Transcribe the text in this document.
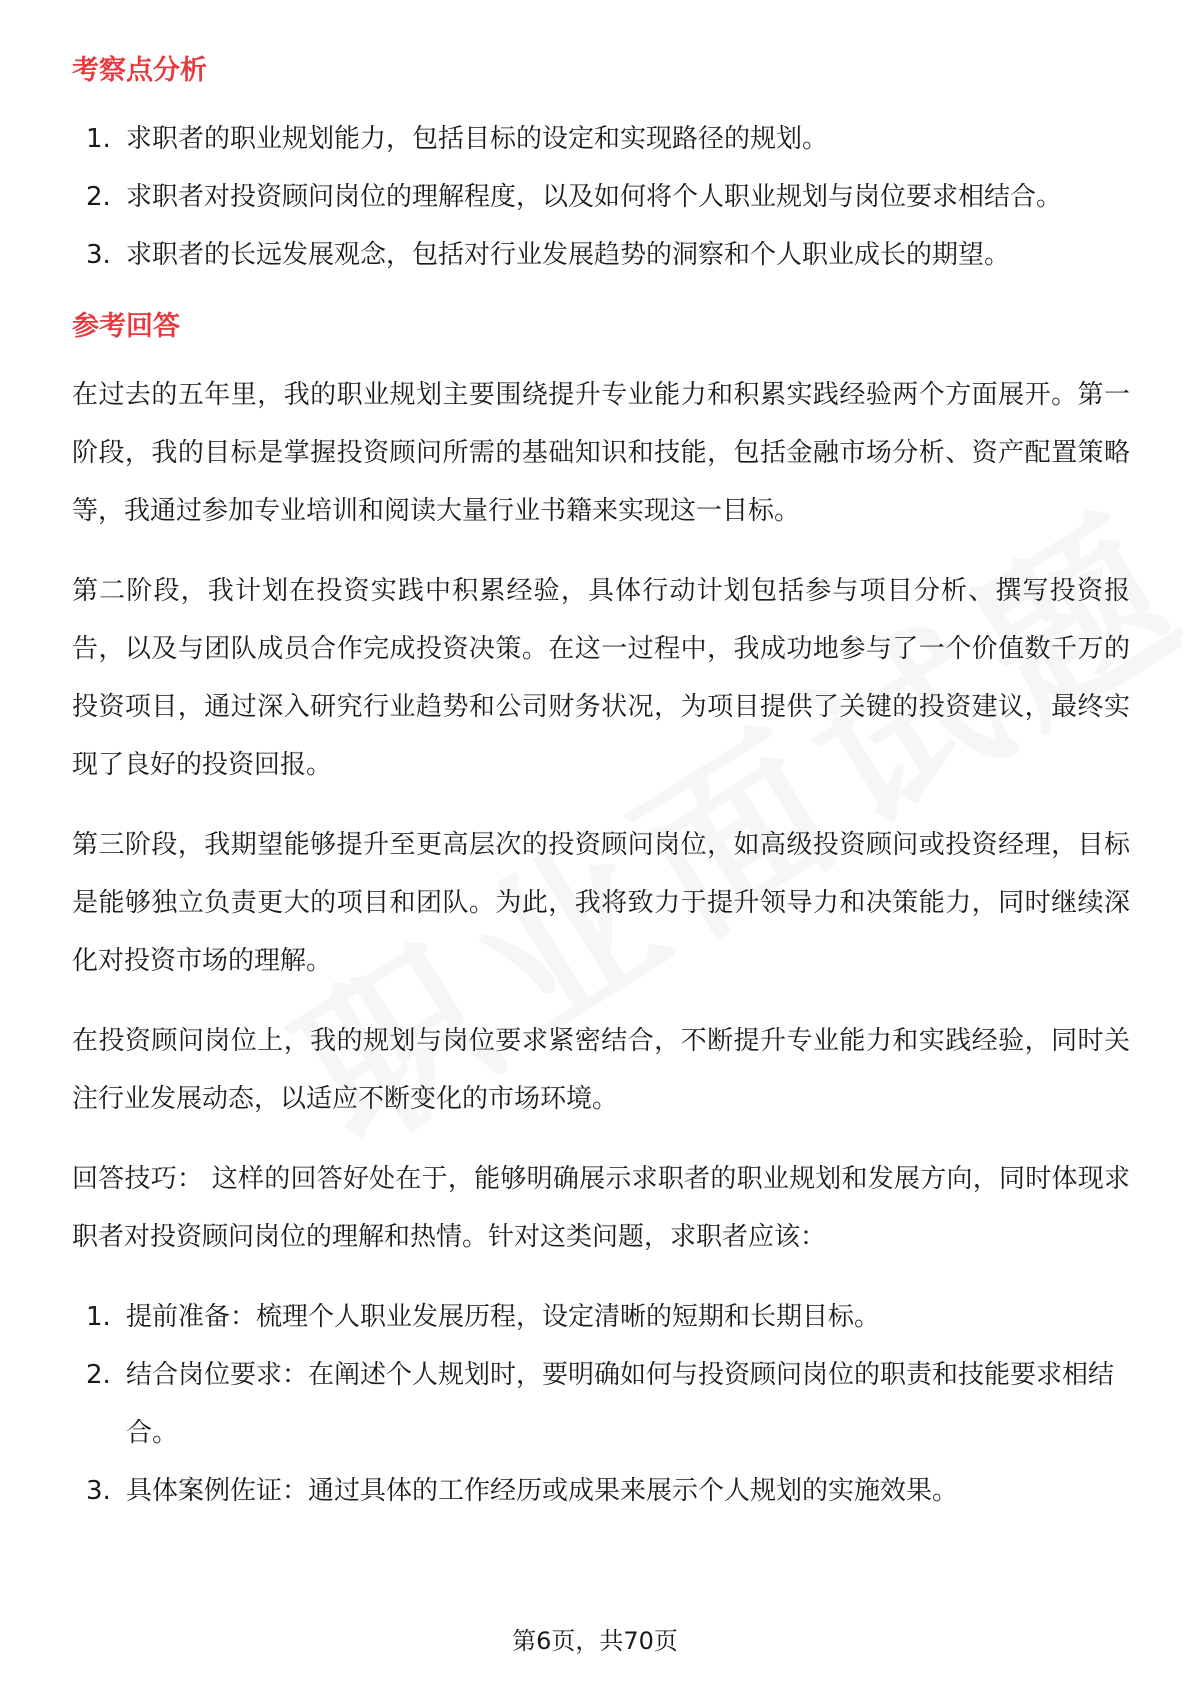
考察点分析
1. 求职者的职业规划能力，包括目标的设定和实现路径的规划。
2. 求职者对投资顾问岗位的理解程度，以及如何将个人职业规划与岗位要求相结合。
3. 求职者的长远发展观念，包括对行业发展趋势的洞察和个人职业成长的期望。
参考回答

在过去的五年里，我的职业规划主要围绕提升专业能力和积累实践经验两个方面展开。第一阶段，我的目标是掌握投资顾问所需的基础知识和技能，包括金融市场分析、资产配置策略等，我通过参加专业培训和阅读大量行业书籍来实现这一目标。

第二阶段，我计划在投资实践中积累经验，具体行动计划包括参与项目分析、撰写投资报告，以及与团队成员合作完成投资决策。在这一过程中，我成功地参与了一个价值数千万的投资项目，通过深入研究行业趋势和公司财务状况，为项目提供了关键的投资建议，最终实现了良好的投资回报。

第三阶段，我期望能够提升至更高层次的投资顾问岗位，如高级投资顾问或投资经理，目标是能够独立负责更大的项目和团队。为此，我将致力于提升领导力和决策能力，同时继续深化对投资市场的理解。

在投资顾问岗位上，我的规划与岗位要求紧密结合，不断提升专业能力和实践经验，同时关注行业发展动态，以适应不断变化的市场环境。

回答技巧： 这样的回答好处在于，能够明确展示求职者的职业规划和发展方向，同时体现求职者对投资顾问岗位的理解和热情。针对这类问题，求职者应该：

1. 提前准备：梳理个人职业发展历程，设定清晰的短期和长期目标。
2. 结合岗位要求：在阐述个人规划时，要明确如何与投资顾问岗位的职责和技能要求相结合。
3. 具体案例佐证：通过具体的工作经历或成果来展示个人规划的实施效果。
第6页，共70页
